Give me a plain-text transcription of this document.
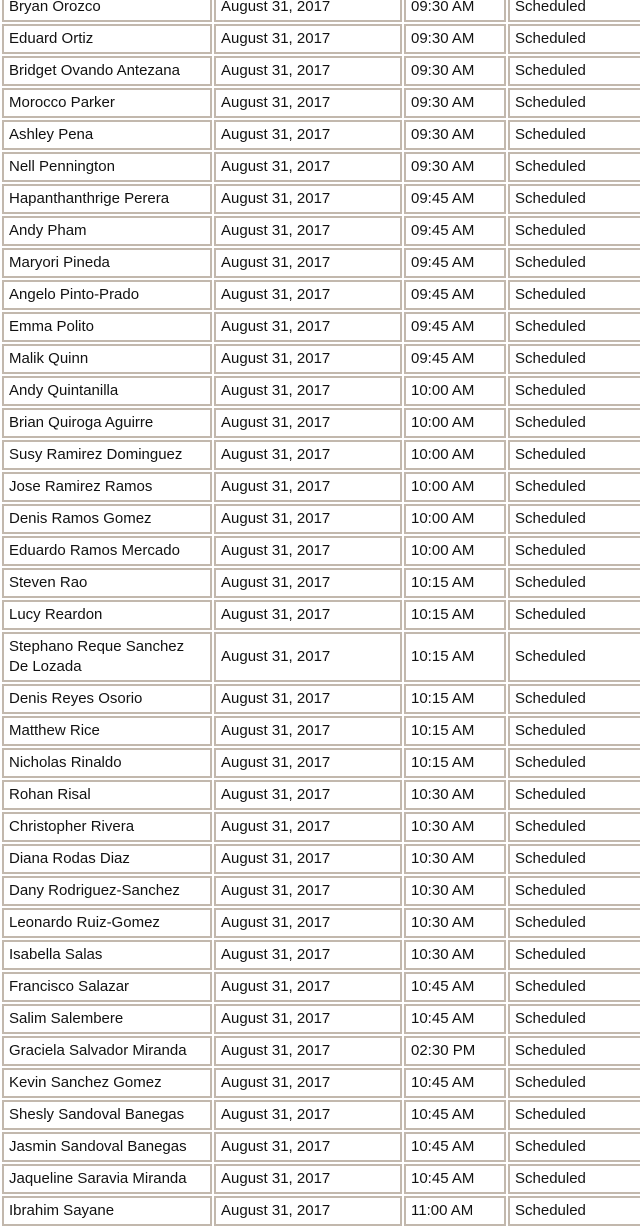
Bryan Orozco	August 31, 2017	09:30 AM	Scheduled
Eduard Ortiz	August 31, 2017	09:30 AM	Scheduled
Bridget Ovando Antezana	August 31, 2017	09:30 AM	Scheduled
Morocco Parker	August 31, 2017	09:30 AM	Scheduled
Ashley Pena	August 31, 2017	09:30 AM	Scheduled
Nell Pennington	August 31, 2017	09:30 AM	Scheduled
Hapanthanthrige Perera	August 31, 2017	09:45 AM	Scheduled
Andy Pham	August 31, 2017	09:45 AM	Scheduled
Maryori Pineda	August 31, 2017	09:45 AM	Scheduled
Angelo Pinto-Prado	August 31, 2017	09:45 AM	Scheduled
Emma Polito	August 31, 2017	09:45 AM	Scheduled
Malik Quinn	August 31, 2017	09:45 AM	Scheduled
Andy Quintanilla	August 31, 2017	10:00 AM	Scheduled
Brian Quiroga Aguirre	August 31, 2017	10:00 AM	Scheduled
Susy Ramirez Dominguez	August 31, 2017	10:00 AM	Scheduled
Jose Ramirez Ramos	August 31, 2017	10:00 AM	Scheduled
Denis Ramos Gomez	August 31, 2017	10:00 AM	Scheduled
Eduardo Ramos Mercado	August 31, 2017	10:00 AM	Scheduled
Steven Rao	August 31, 2017	10:15 AM	Scheduled
Lucy Reardon	August 31, 2017	10:15 AM	Scheduled
Stephano Reque Sanchez De Lozada	August 31, 2017	10:15 AM	Scheduled
Denis Reyes Osorio	August 31, 2017	10:15 AM	Scheduled
Matthew Rice	August 31, 2017	10:15 AM	Scheduled
Nicholas Rinaldo	August 31, 2017	10:15 AM	Scheduled
Rohan Risal	August 31, 2017	10:30 AM	Scheduled
Christopher Rivera	August 31, 2017	10:30 AM	Scheduled
Diana Rodas Diaz	August 31, 2017	10:30 AM	Scheduled
Dany Rodriguez-Sanchez	August 31, 2017	10:30 AM	Scheduled
Leonardo Ruiz-Gomez	August 31, 2017	10:30 AM	Scheduled
Isabella Salas	August 31, 2017	10:30 AM	Scheduled
Francisco Salazar	August 31, 2017	10:45 AM	Scheduled
Salim Salembere	August 31, 2017	10:45 AM	Scheduled
Graciela Salvador Miranda	August 31, 2017	02:30 PM	Scheduled
Kevin Sanchez Gomez	August 31, 2017	10:45 AM	Scheduled
Shesly Sandoval Banegas	August 31, 2017	10:45 AM	Scheduled
Jasmin Sandoval Banegas	August 31, 2017	10:45 AM	Scheduled
Jaqueline Saravia Miranda	August 31, 2017	10:45 AM	Scheduled
Ibrahim Sayane	August 31, 2017	11:00 AM	Scheduled
